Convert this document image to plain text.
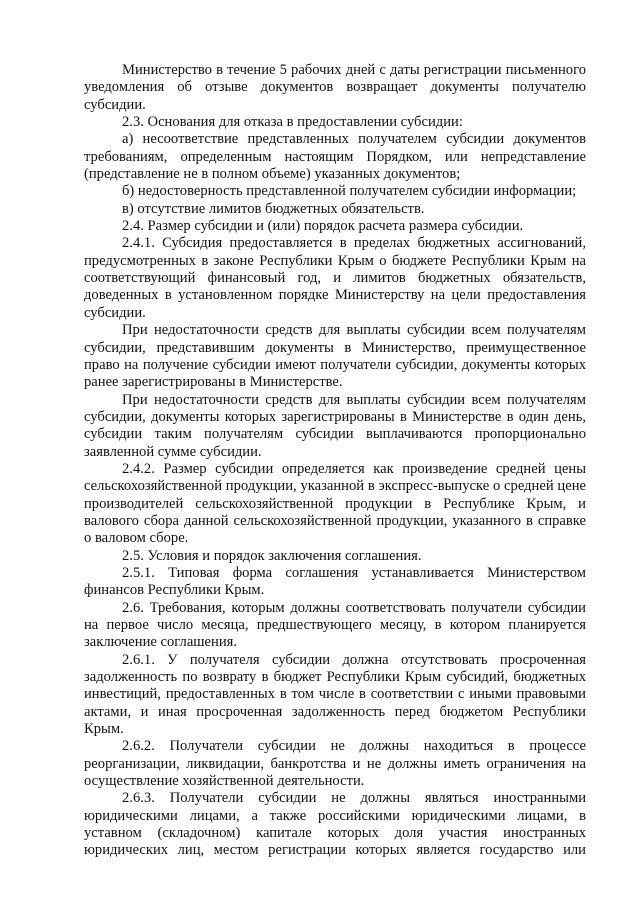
Министерство в течение 5 рабочих дней с даты регистрации письменного уведомления об отзыве документов возвращает документы получателю субсидии.

2.3. Основания для отказа в предоставлении субсидии:

а) несоответствие представленных получателем субсидии документов требованиям, определенным настоящим Порядком, или непредставление (представление не в полном объеме) указанных документов;

б) недостоверность представленной получателем субсидии информации;

в) отсутствие лимитов бюджетных обязательств.

2.4. Размер субсидии и (или) порядок расчета размера субсидии.

2.4.1. Субсидия предоставляется в пределах бюджетных ассигнований, предусмотренных в законе Республики Крым о бюджете Республики Крым на соответствующий финансовый год, и лимитов бюджетных обязательств, доведенных в установленном порядке Министерству на цели предоставления субсидии.

При недостаточности средств для выплаты субсидии всем получателям субсидии, представившим документы в Министерство, преимущественное право на получение субсидии имеют получатели субсидии, документы которых ранее зарегистрированы в Министерстве.

При недостаточности средств для выплаты субсидии всем получателям субсидии, документы которых зарегистрированы в Министерстве в один день, субсидии таким получателям субсидии выплачиваются пропорционально заявленной сумме субсидии.

2.4.2. Размер субсидии определяется как произведение средней цены сельскохозяйственной продукции, указанной в экспресс-выпуске о средней цене производителей сельскохозяйственной продукции в Республике Крым, и валового сбора данной сельскохозяйственной продукции, указанного в справке о валовом сборе.

2.5. Условия и порядок заключения соглашения.

2.5.1. Типовая форма соглашения устанавливается Министерством финансов Республики Крым.

2.6. Требования, которым должны соответствовать получатели субсидии на первое число месяца, предшествующего месяцу, в котором планируется заключение соглашения.

2.6.1. У получателя субсидии должна отсутствовать просроченная задолженность по возврату в бюджет Республики Крым субсидий, бюджетных инвестиций, предоставленных в том числе в соответствии с иными правовыми актами, и иная просроченная задолженность перед бюджетом Республики Крым.

2.6.2. Получатели субсидии не должны находиться в процессе реорганизации, ликвидации, банкротства и не должны иметь ограничения на осуществление хозяйственной деятельности.

2.6.3. Получатели субсидии не должны являться иностранными юридическими лицами, а также российскими юридическими лицами, в уставном (складочном) капитале которых доля участия иностранных юридических лиц, местом регистрации которых является государство или
